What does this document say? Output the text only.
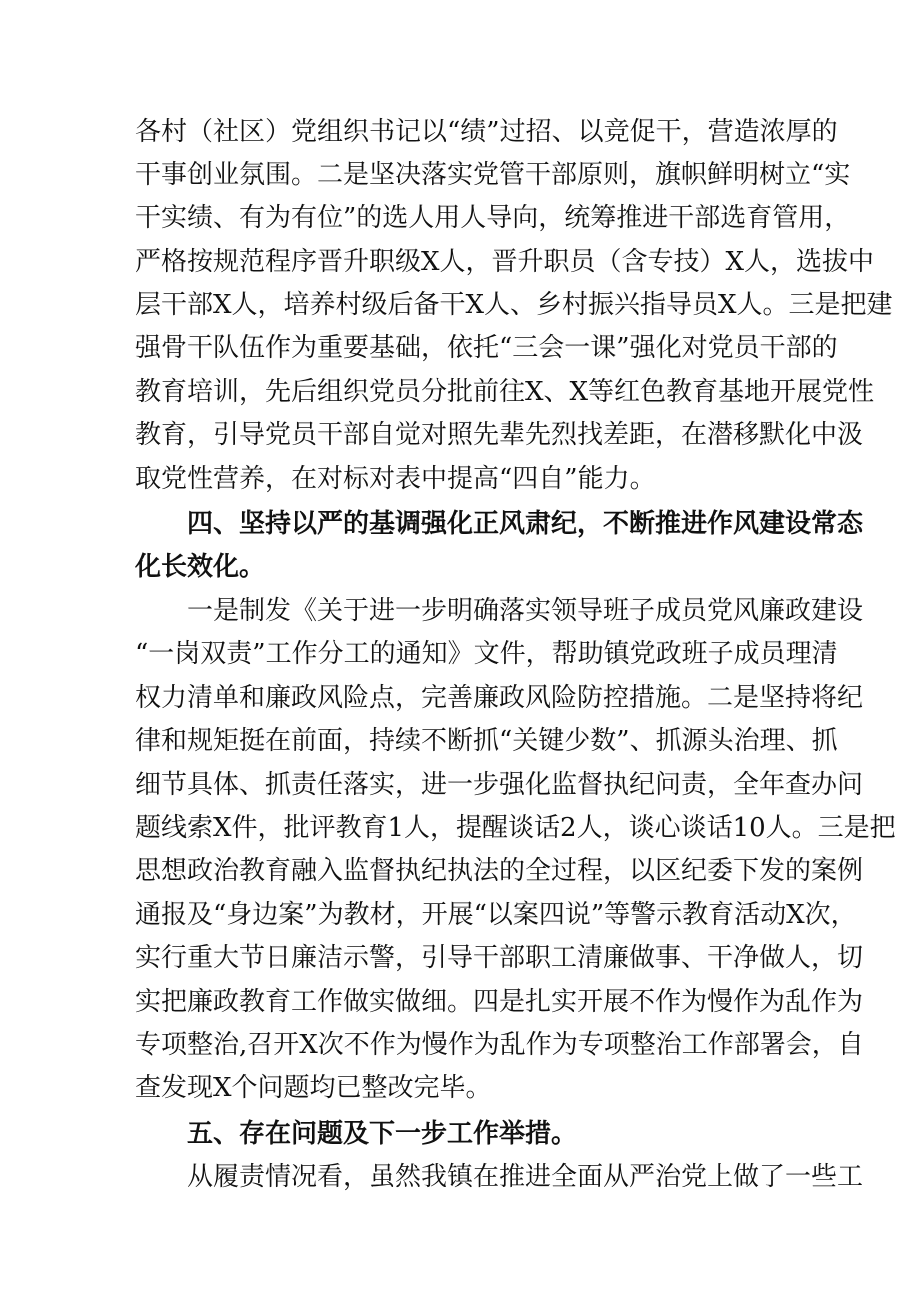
各村（社区）党组织书记以“绩”过招、以竞促干，营造浓厚的
干事创业氛围。二是坚决落实党管干部原则，旗帜鲜明树立“实
干实绩、有为有位”的选人用人导向，统筹推进干部选育管用，
严格按规范程序晋升职级X人，晋升职员（含专技）X人，选拔中
层干部X人，培养村级后备干X人、乡村振兴指导员X人。三是把建
强骨干队伍作为重要基础，依托“三会一课”强化对党员干部的
教育培训，先后组织党员分批前往X、X等红色教育基地开展党性
教育，引导党员干部自觉对照先辈先烈找差距，在潜移默化中汲
取党性营养，在对标对表中提高“四自”能力。
四、坚持以严的基调强化正风肃纪，不断推进作风建设常态
化长效化。
一是制发《关于进一步明确落实领导班子成员党风廉政建设
“一岗双责”工作分工的通知》文件，帮助镇党政班子成员理清
权力清单和廉政风险点，完善廉政风险防控措施。二是坚持将纪
律和规矩挺在前面，持续不断抓“关键少数”、抓源头治理、抓
细节具体、抓责任落实，进一步强化监督执纪问责，全年查办问
题线索X件，批评教育1人，提醒谈话2人，谈心谈话10人。三是把
思想政治教育融入监督执纪执法的全过程，以区纪委下发的案例
通报及“身边案”为教材，开展“以案四说”等警示教育活动X次，
实行重大节日廉洁示警，引导干部职工清廉做事、干净做人，切
实把廉政教育工作做实做细。四是扎实开展不作为慢作为乱作为
专项整治,召开X次不作为慢作为乱作为专项整治工作部署会，自
查发现X个问题均已整改完毕。
五、存在问题及下一步工作举措。
从履责情况看，虽然我镇在推进全面从严治党上做了一些工
